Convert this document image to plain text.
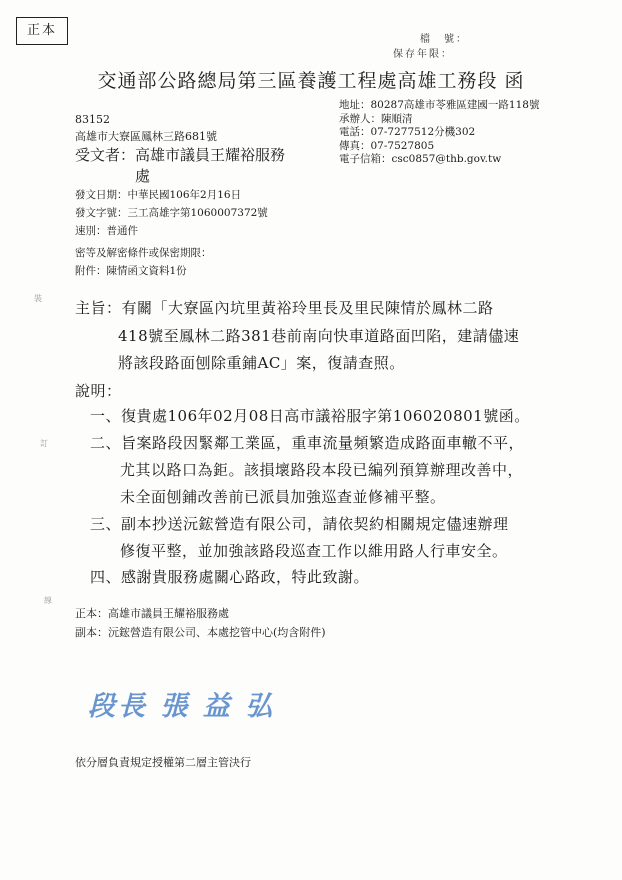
正本
檔　號：
保存年限：
交通部公路總局第三區養護工程處高雄工務段 函
83152
高雄市大寮區鳳林三路681號
地址：80287高雄市苓雅區建國一路118號
承辦人：陳順清
電話：07-7277512分機302
傳真：07-7527805
電子信箱：csc0857@thb.gov.tw
受文者：高雄市議員王耀裕服務
處
發文日期：中華民國106年2月16日
發文字號：三工高雄字第1060007372號
速別：普通件
密等及解密條件或保密期限：
附件：陳情函文資料1份
裝
訂
線
主旨：有關「大寮區內坑里黃裕玲里長及里民陳情於鳳林二路
418號至鳳林二路381巷前南向快車道路面凹陷，建請儘速
將該段路面刨除重鋪AC」案，復請查照。
說明：
一、復貴處106年02月08日高市議裕服字第106020801號函。
二、旨案路段因緊鄰工業區，重車流量頻繁造成路面車轍不平，
尤其以路口為鉅。該損壞路段本段已編列預算辦理改善中，
未全面刨鋪改善前已派員加強巡查並修補平整。
三、副本抄送沅鋐營造有限公司，請依契約相關規定儘速辦理
修復平整，並加強該路段巡查工作以維用路人行車安全。
四、感謝貴服務處關心路政，特此致謝。
正本：高雄市議員王耀裕服務處
副本：沅鋐營造有限公司、本處挖管中心(均含附件)
段長 張 益 弘
依分層負責規定授權第二層主管決行
